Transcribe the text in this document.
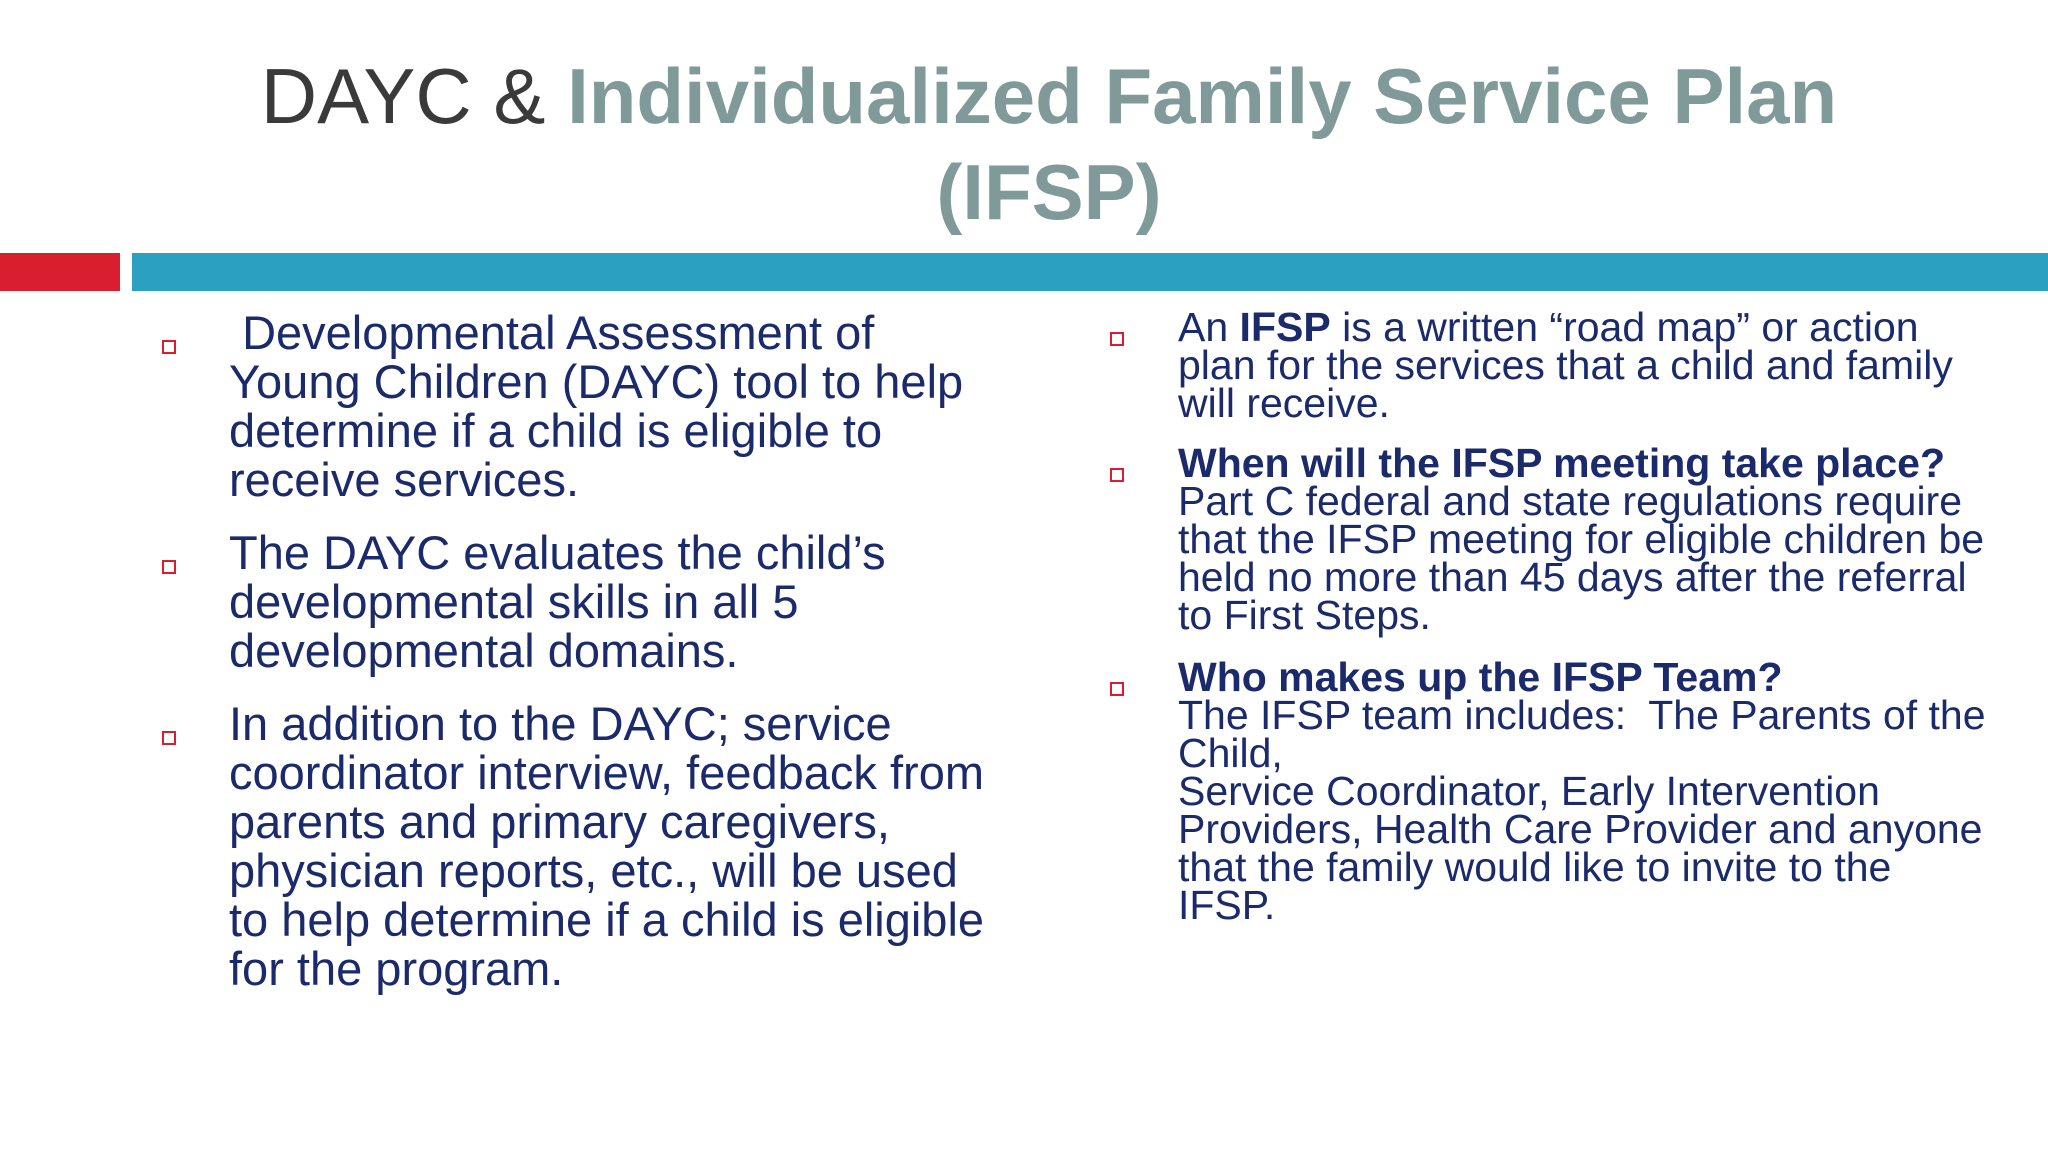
DAYC & Individualized Family Service Plan
(IFSP)
Developmental Assessment of Young Children (DAYC) tool to help determine if a child is eligible to receive services.
The DAYC evaluates the child’s developmental skills in all 5 developmental domains.
In addition to the DAYC; service coordinator interview, feedback from parents and primary caregivers, physician reports, etc., will be used to help determine if a child is eligible for the program.
An IFSP is a written “road map” or action plan for the services that a child and family will receive.
When will the IFSP meeting take place?
Part C federal and state regulations require that the IFSP meeting for eligible children be held no more than 45 days after the referral to First Steps.
Who makes up the IFSP Team?
The IFSP team includes:  The Parents of the Child,
Service Coordinator, Early Intervention Providers, Health Care Provider and anyone that the family would like to invite to the IFSP.
